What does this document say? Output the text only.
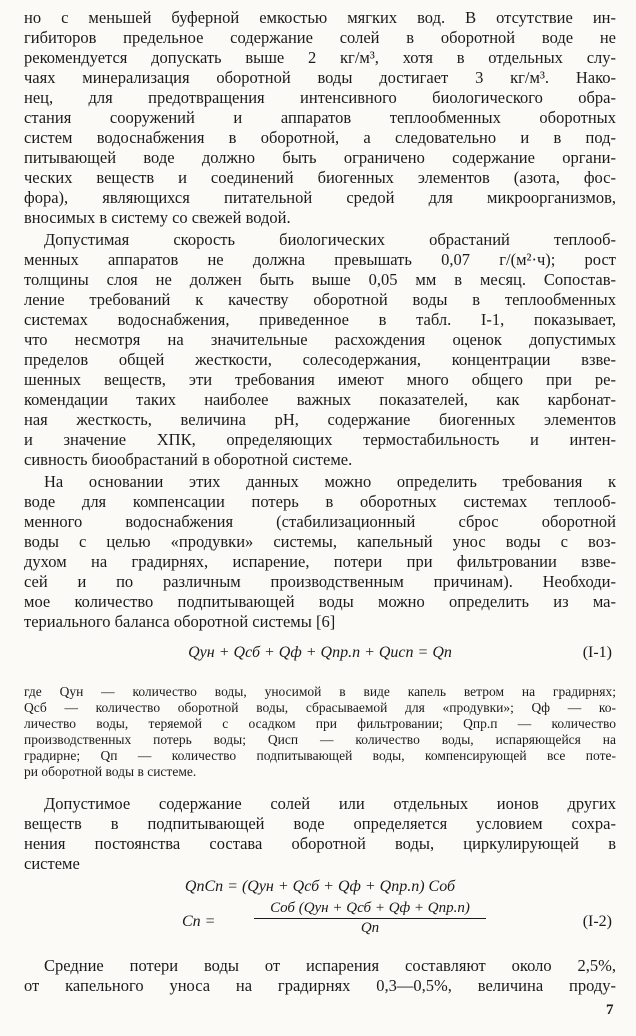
но с меньшей буферной емкостью мягких вод. В отсутствие ин-
гибиторов предельное содержание солей в оборотной воде не
рекомендуется допускать выше 2 кг/м³, хотя в отдельных слу-
чаях минерализация оборотной воды достигает 3 кг/м³. Нако-
нец, для предотвращения интенсивного биологического обра-
стания сооружений и аппаратов теплообменных оборотных
систем водоснабжения в оборотной, а следовательно и в под-
питывающей воде должно быть ограничено содержание органи-
ческих веществ и соединений биогенных элементов (азота, фос-
фора), являющихся питательной средой для микроорганизмов,
вносимых в систему со свежей водой.
Допустимая скорость биологических обрастаний теплооб-
менных аппаратов не должна превышать 0,07 г/(м²·ч); рост
толщины слоя не должен быть выше 0,05 мм в месяц. Сопостав-
ление требований к качеству оборотной воды в теплообменных
системах водоснабжения, приведенное в табл. I-1, показывает,
что несмотря на значительные расхождения оценок допустимых
пределов общей жесткости, солесодержания, концентрации взве-
шенных веществ, эти требования имеют много общего при ре-
комендации таких наиболее важных показателей, как карбонат-
ная жесткость, величина рН, содержание биогенных элементов
и значение ХПК, определяющих термостабильность и интен-
сивность биообрастаний в оборотной системе.
На основании этих данных можно определить требования к
воде для компенсации потерь в оборотных системах теплооб-
менного водоснабжения (стабилизационный сброс оборотной
воды с целью «продувки» системы, капельный унос воды с воз-
духом на градирнях, испарение, потери при фильтровании взве-
сей и по различным производственным причинам). Необходи-
мое количество подпитывающей воды можно определить из ма-
териального баланса оборотной системы [6]
Qун + Qсб + Qф + Qпр.п + Qисп = Qп	(I-1)
где Qун — количество воды, уносимой в виде капель ветром на градирнях;
Qсб — количество оборотной воды, сбрасываемой для «продувки»; Qф — ко-
личество воды, теряемой с осадком при фильтровании; Qпр.п — количество
производственных потерь воды; Qисп — количество воды, испаряющейся на
градирне; Qп — количество подпитывающей воды, компенсирующей все поте-
ри оборотной воды в системе.
Допустимое содержание солей или отдельных ионов других
веществ в подпитывающей воде определяется условием сохра-
нения постоянства состава оборотной воды, циркулирующей в
системе
QпCп = (Qун + Qсб + Qф + Qпр.п) Cоб
Cп =
Cоб (Qун + Qсб + Qф + Qпр.п)
Qп	(I-2)
Средние потери воды от испарения составляют около 2,5%,
от капельного уноса на градирнях 0,3—0,5%, величина проду-
7
